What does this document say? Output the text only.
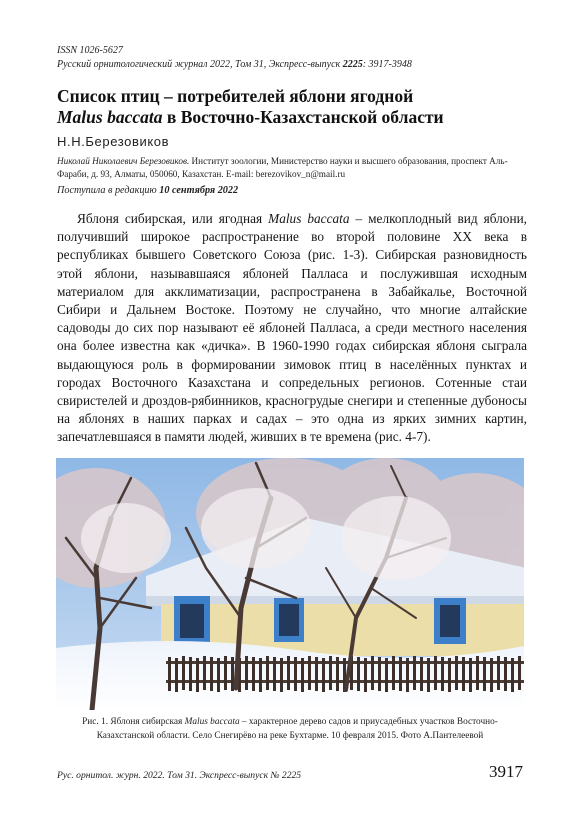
ISSN 1026-5627
Русский орнитологический журнал 2022, Том 31, Экспресс-выпуск 2225: 3917-3948
Список птиц – потребителей яблони ягодной
Malus baccata в Восточно-Казахстанской области
Н.Н.Березовиков
Николай Николаевич Березовиков. Институт зоологии, Министерство науки и высшего образования, проспект Аль-Фараби, д. 93, Алматы, 050060, Казахстан. E-mail: berezovikov_n@mail.ru
Поступила в редакцию 10 сентября 2022
Яблоня сибирская, или ягодная Malus baccata – мелкоплодный вид яблони, получивший широкое распространение во второй половине XX века в республиках бывшего Советского Союза (рис. 1-3). Сибирская разновидность этой яблони, называвшаяся яблоней Палласа и послужившая исходным материалом для акклиматизации, распространена в Забайкалье, Восточной Сибири и Дальнем Востоке. Поэтому не случайно, что многие алтайские садоводы до сих пор называют её яблоней Палласа, а среди местного населения она более известна как «дичка». В 1960-1990 годах сибирская яблоня сыграла выдающуюся роль в формировании зимовок птиц в населённых пунктах и городах Восточного Казахстана и сопредельных регионов. Сотенные стаи свиристелей и дроздов-рябинников, красногрудые снегири и степенные дубоносы на яблонях в наших парках и садах – это одна из ярких зимних картин, запечатлевшаяся в памяти людей, живших в те времена (рис. 4-7).
Рис. 1. Яблоня сибирская Malus baccata – характерное дерево садов и приусадебных участков Восточно-Казахстанской области. Село Снегирёво на реке Бухтарме. 10 февраля 2015. Фото А.Пантелеевой
Рус. орнитол. журн. 2022. Том 31. Экспресс-выпуск № 2225	3917
